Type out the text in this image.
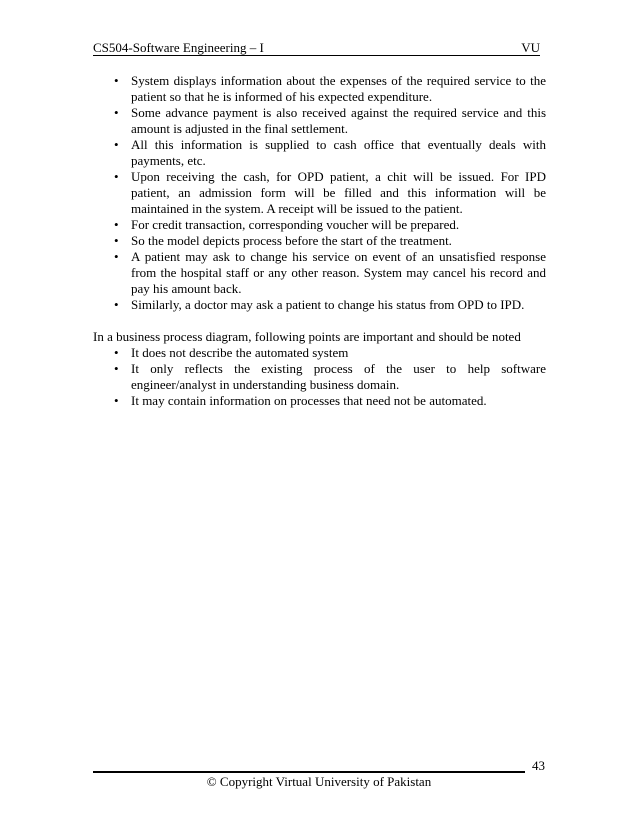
CS504-Software Engineering – I	VU
• System displays information about the expenses of the required service to the patient so that he is informed of his expected expenditure.
• Some advance payment is also received against the required service and this amount is adjusted in the final settlement.
• All this information is supplied to cash office that eventually deals with payments, etc.
• Upon receiving the cash, for OPD patient, a chit will be issued. For IPD patient, an admission form will be filled and this information will be maintained in the system. A receipt will be issued to the patient.
• For credit transaction, corresponding voucher will be prepared.
• So the model depicts process before the start of the treatment.
• A patient may ask to change his service on event of an unsatisfied response from the hospital staff or any other reason. System may cancel his record and pay his amount back.
• Similarly, a doctor may ask a patient to change his status from OPD to IPD.
In a business process diagram, following points are important and should be noted
• It does not describe the automated system
• It only reflects the existing process of the user to help software engineer/analyst in understanding business domain.
• It may contain information on processes that need not be automated.
43
© Copyright Virtual University of Pakistan
